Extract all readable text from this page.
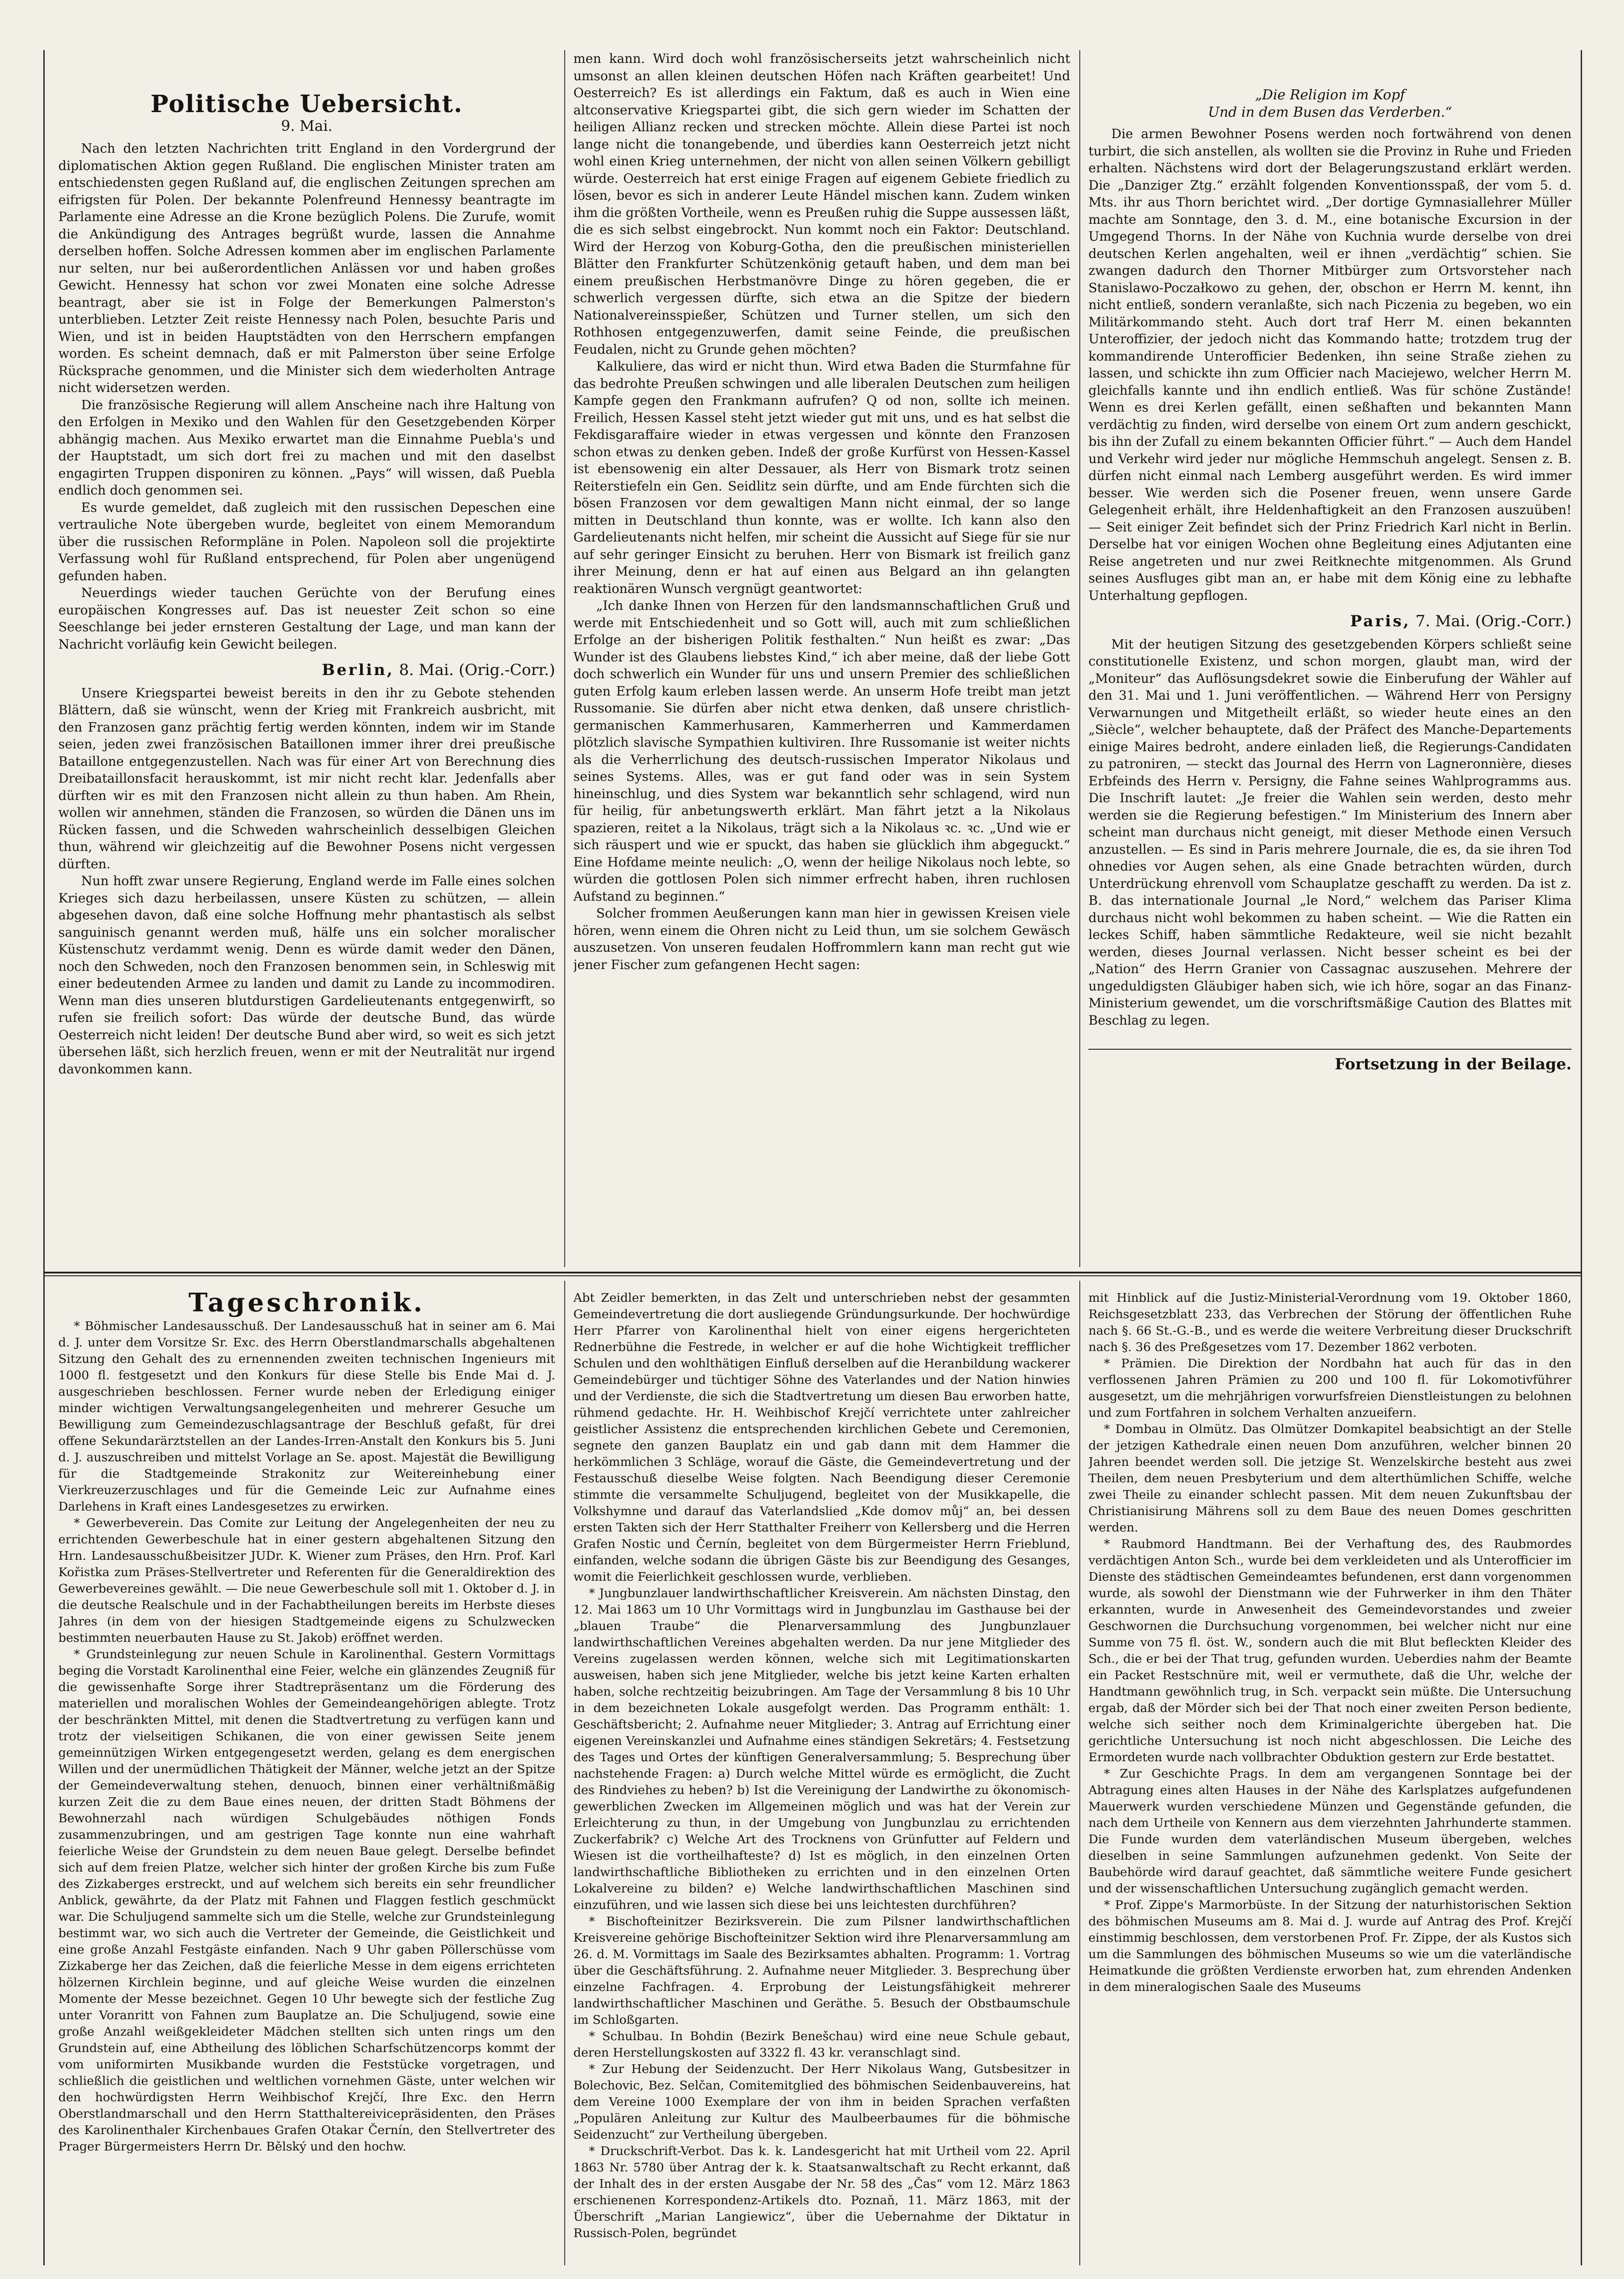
Politische Uebersicht.
9. Mai.

Nach den letzten Nachrichten tritt England in den Vordergrund der diplomatischen Aktion gegen Rußland. Die englischen Minister traten am entschiedensten gegen Rußland auf, die englischen Zeitungen sprechen am eifrigsten für Polen. Der bekannte Polenfreund Hennessy beantragte im Parlamente eine Adresse an die Krone bezüglich Polens. Die Zurufe, womit die Ankündigung des Antrages begrüßt wurde, lassen die Annahme derselben hoffen. Solche Adressen kommen aber im englischen Parlamente nur selten, nur bei außerordentlichen Anlässen vor und haben großes Gewicht. Hennessy hat schon vor zwei Monaten eine solche Adresse beantragt, aber sie ist in Folge der Bemerkungen Palmerston's unterblieben. Letzter Zeit reiste Hennessy nach Polen, besuchte Paris und Wien, und ist in beiden Hauptstädten von den Herrschern empfangen worden. Es scheint demnach, daß er mit Palmerston über seine Erfolge Rücksprache genommen, und die Minister sich dem wiederholten Antrage nicht widersetzen werden.

Die französische Regierung will allem Anscheine nach ihre Haltung von den Erfolgen in Mexiko und den Wahlen für den Gesetzgebenden Körper abhängig machen. Aus Mexiko erwartet man die Einnahme Puebla's und der Hauptstadt, um sich dort frei zu machen und mit den daselbst engagirten Truppen disponiren zu können. „Pays“ will wissen, daß Puebla endlich doch genommen sei.

Es wurde gemeldet, daß zugleich mit den russischen Depeschen eine vertrauliche Note übergeben wurde, begleitet von einem Memorandum über die russischen Reformpläne in Polen. Napoleon soll die projektirte Verfassung wohl für Rußland entsprechend, für Polen aber ungenügend gefunden haben.

Neuerdings wieder tauchen Gerüchte von der Berufung eines europäischen Kongresses auf. Das ist neuester Zeit schon so eine Seeschlange bei jeder ernsteren Gestaltung der Lage, und man kann der Nachricht vorläufig kein Gewicht beilegen.

Berlin, 8. Mai. (Orig.-Corr.)

Unsere Kriegspartei beweist bereits in den ihr zu Gebote stehenden Blättern, daß sie wünscht, wenn der Krieg mit Frankreich ausbricht, mit den Franzosen ganz prächtig fertig werden könnten, indem wir im Stande seien, jeden zwei französischen Bataillonen immer ihrer drei preußische Bataillone entgegenzustellen. Nach was für einer Art von Berechnung dies Dreibataillonsfacit herauskommt, ist mir nicht recht klar. Jedenfalls aber dürften wir es mit den Franzosen nicht allein zu thun haben. Am Rhein, wollen wir annehmen, ständen die Franzosen, so würden die Dänen uns im Rücken fassen, und die Schweden wahrscheinlich desselbigen Gleichen thun, während wir gleichzeitig auf die Bewohner Posens nicht vergessen dürften.

Nun hofft zwar unsere Regierung, England werde im Falle eines solchen Krieges sich dazu herbeilassen, unsere Küsten zu schützen, — allein abgesehen davon, daß eine solche Hoffnung mehr phantastisch als selbst sanguinisch genannt werden muß, hälfe uns ein solcher moralischer Küstenschutz verdammt wenig. Denn es würde damit weder den Dänen, noch den Schweden, noch den Franzosen benommen sein, in Schleswig mit einer bedeutenden Armee zu landen und damit zu Lande zu incommodiren. Wenn man dies unseren blutdurstigen Gardelieutenants entgegenwirft, so rufen sie freilich sofort: Das würde der deutsche Bund, das würde Oesterreich nicht leiden! Der deutsche Bund aber wird, so weit es sich jetzt übersehen läßt, sich herzlich freuen, wenn er mit der Neutralität nur irgend davonkommen kann.

men kann. Wird doch wohl französischerseits jetzt wahrscheinlich nicht umsonst an allen kleinen deutschen Höfen nach Kräften gearbeitet! Und Oesterreich? Es ist allerdings ein Faktum, daß es auch in Wien eine altconservative Kriegspartei gibt, die sich gern wieder im Schatten der heiligen Allianz recken und strecken möchte. Allein diese Partei ist noch lange nicht die tonangebende, und überdies kann Oesterreich jetzt nicht wohl einen Krieg unternehmen, der nicht von allen seinen Völkern gebilligt würde. Oesterreich hat erst einige Fragen auf eigenem Gebiete friedlich zu lösen, bevor es sich in anderer Leute Händel mischen kann. Zudem winken ihm die größten Vortheile, wenn es Preußen ruhig die Suppe aussessen läßt, die es sich selbst eingebrockt. Nun kommt noch ein Faktor: Deutschland. Wird der Herzog von Koburg-Gotha, den die preußischen ministeriellen Blätter den Frankfurter Schützenkönig getauft haben, und dem man bei einem preußischen Herbstmanövre Dinge zu hören gegeben, die er schwerlich vergessen dürfte, sich etwa an die Spitze der biedern Nationalvereinsspießer, Schützen und Turner stellen, um sich den Rothhosen entgegenzuwerfen, damit seine Feinde, die preußischen Feudalen, nicht zu Grunde gehen möchten?

Kalkuliere, das wird er nicht thun. Wird etwa Baden die Sturmfahne für das bedrohte Preußen schwingen und alle liberalen Deutschen zum heiligen Kampfe gegen den Frankmann aufrufen? Q od non, sollte ich meinen. Freilich, Hessen Kassel steht jetzt wieder gut mit uns, und es hat selbst die Fekdisgaraffaire wieder in etwas vergessen und könnte den Franzosen schon etwas zu denken geben. Indeß der große Kurfürst von Hessen-Kassel ist ebensowenig ein alter Dessauer, als Herr von Bismark trotz seinen Reiterstiefeln ein Gen. Seidlitz sein dürfte, und am Ende fürchten sich die bösen Franzosen vor dem gewaltigen Mann nicht einmal, der so lange mitten in Deutschland thun konnte, was er wollte. Ich kann also den Gardelieutenants nicht helfen, mir scheint die Aussicht auf Siege für sie nur auf sehr geringer Einsicht zu beruhen. Herr von Bismark ist freilich ganz ihrer Meinung, denn er hat auf einen aus Belgard an ihn gelangten reaktionären Wunsch vergnügt geantwortet:

„Ich danke Ihnen von Herzen für den landsmannschaftlichen Gruß und werde mit Entschiedenheit und so Gott will, auch mit zum schließlichen Erfolge an der bisherigen Politik festhalten.“ Nun heißt es zwar: „Das Wunder ist des Glaubens liebstes Kind,“ ich aber meine, daß der liebe Gott doch schwerlich ein Wunder für uns und unsern Premier des schließlichen guten Erfolg kaum erleben lassen werde. An unserm Hofe treibt man jetzt Russomanie. Sie dürfen aber nicht etwa denken, daß unsere christlich-germanischen Kammerhusaren, Kammerherren und Kammerdamen plötzlich slavische Sympathien kultiviren. Ihre Russomanie ist weiter nichts als die Verherrlichung des deutsch-russischen Imperator Nikolaus und seines Systems. Alles, was er gut fand oder was in sein System hineinschlug, und dies System war bekanntlich sehr schlagend, wird nun für heilig, für anbetungswerth erklärt. Man fährt jetzt a la Nikolaus spazieren, reitet a la Nikolaus, trägt sich a la Nikolaus ꝛc. ꝛc. „Und wie er sich räuspert und wie er spuckt, das haben sie glücklich ihm abgeguckt.“ Eine Hofdame meinte neulich: „O, wenn der heilige Nikolaus noch lebte, so würden die gottlosen Polen sich nimmer erfrecht haben, ihren ruchlosen Aufstand zu beginnen.“

Solcher frommen Aeußerungen kann man hier in gewissen Kreisen viele hören, wenn einem die Ohren nicht zu Leid thun, um sie solchem Gewäsch auszusetzen. Von unseren feudalen Hoffrommlern kann man recht gut wie jener Fischer zum gefangenen Hecht sagen:

„Die Religion im Kopf
Und in dem Busen das Verderben.“

Die armen Bewohner Posens werden noch fortwährend von denen turbirt, die sich anstellen, als wollten sie die Provinz in Ruhe und Frieden erhalten. Nächstens wird dort der Belagerungszustand erklärt werden. Die „Danziger Ztg.“ erzählt folgenden Konventionsspaß, der vom 5. d. Mts. ihr aus Thorn berichtet wird. „Der dortige Gymnasiallehrer Müller machte am Sonntage, den 3. d. M., eine botanische Excursion in der Umgegend Thorns. In der Nähe von Kuchnia wurde derselbe von drei deutschen Kerlen angehalten, weil er ihnen „verdächtig“ schien. Sie zwangen dadurch den Thorner Mitbürger zum Ortsvorsteher nach Stanislawo-Poczałkowo zu gehen, der, obschon er Herrn M. kennt, ihn nicht entließ, sondern veranlaßte, sich nach Piczenia zu begeben, wo ein Militärkommando steht. Auch dort traf Herr M. einen bekannten Unteroffizier, der jedoch nicht das Kommando hatte; trotzdem trug der kommandirende Unterofficier Bedenken, ihn seine Straße ziehen zu lassen, und schickte ihn zum Officier nach Maciejewo, welcher Herrn M. gleichfalls kannte und ihn endlich entließ. Was für schöne Zustände! Wenn es drei Kerlen gefällt, einen seßhaften und bekannten Mann verdächtig zu finden, wird derselbe von einem Ort zum andern geschickt, bis ihn der Zufall zu einem bekannten Officier führt.“ — Auch dem Handel und Verkehr wird jeder nur mögliche Hemmschuh angelegt. Sensen z. B. dürfen nicht einmal nach Lemberg ausgeführt werden. Es wird immer besser. Wie werden sich die Posener freuen, wenn unsere Garde Gelegenheit erhält, ihre Heldenhaftigkeit an den Franzosen auszuüben! — Seit einiger Zeit befindet sich der Prinz Friedrich Karl nicht in Berlin. Derselbe hat vor einigen Wochen ohne Begleitung eines Adjutanten eine Reise angetreten und nur zwei Reitknechte mitgenommen. Als Grund seines Ausfluges gibt man an, er habe mit dem König eine zu lebhafte Unterhaltung gepflogen.

Paris, 7. Mai. (Orig.-Corr.)

Mit der heutigen Sitzung des gesetzgebenden Körpers schließt seine constitutionelle Existenz, und schon morgen, glaubt man, wird der „Moniteur“ das Auflösungsdekret sowie die Einberufung der Wähler auf den 31. Mai und 1. Juni veröffentlichen. — Während Herr von Persigny Verwarnungen und Mitgetheilt erläßt, so wieder heute eines an den „Siècle“, welcher behauptete, daß der Präfect des Manche-Departements einige Maires bedroht, andere einladen ließ, die Regierungs-Candidaten zu patroniren, — steckt das Journal des Herrn von Lagneronnière, dieses Erbfeinds des Herrn v. Persigny, die Fahne seines Wahlprogramms aus. Die Inschrift lautet: „Je freier die Wahlen sein werden, desto mehr werden sie die Regierung befestigen.“ Im Ministerium des Innern aber scheint man durchaus nicht geneigt, mit dieser Methode einen Versuch anzustellen. — Es sind in Paris mehrere Journale, die es, da sie ihren Tod ohnedies vor Augen sehen, als eine Gnade betrachten würden, durch Unterdrückung ehrenvoll vom Schauplatze geschafft zu werden. Da ist z. B. das internationale Journal „le Nord,“ welchem das Pariser Klima durchaus nicht wohl bekommen zu haben scheint. — Wie die Ratten ein leckes Schiff, haben sämmtliche Redakteure, weil sie nicht bezahlt werden, dieses Journal verlassen. Nicht besser scheint es bei der „Nation“ des Herrn Granier von Cassagnac auszusehen. Mehrere der ungeduldigsten Gläubiger haben sich, wie ich höre, sogar an das Finanz-Ministerium gewendet, um die vorschriftsmäßige Caution des Blattes mit Beschlag zu legen.

Fortsetzung in der Beilage.
Tageschronik.

* Böhmischer Landesausschuß. Der Landesausschuß hat in seiner am 6. Mai d. J. unter dem Vorsitze Sr. Exc. des Herrn Oberstlandmarschalls abgehaltenen Sitzung den Gehalt des zu ernennenden zweiten technischen Ingenieurs mit 1000 fl. festgesetzt und den Konkurs für diese Stelle bis Ende Mai d. J. ausgeschrieben beschlossen. Ferner wurde neben der Erledigung einiger minder wichtigen Verwaltungsangelegenheiten und mehrerer Gesuche um Bewilligung zum Gemeindezuschlagsantrage der Beschluß gefaßt, für drei offene Sekundarärztstellen an der Landes-Irren-Anstalt den Konkurs bis 5. Juni d. J. auszuschreiben und mittelst Vorlage an Se. apost. Majestät die Bewilligung für die Stadtgemeinde Strakonitz zur Weitereinhebung einer Vierkreuzerzuschlages und für die Gemeinde Leic zur Aufnahme eines Darlehens in Kraft eines Landesgesetzes zu erwirken.

* Gewerbeverein. Das Comite zur Leitung der Angelegenheiten der neu zu errichtenden Gewerbeschule hat in einer gestern abgehaltenen Sitzung den Hrn. Landesausschußbeisitzer JUDr. K. Wiener zum Präses, den Hrn. Prof. Karl Kořistka zum Präses-Stellvertreter und Referenten für die Generaldirektion des Gewerbevereines gewählt. — Die neue Gewerbeschule soll mit 1. Oktober d. J. in die deutsche Realschule und in der Fachabtheilungen bereits im Herbste dieses Jahres (in dem von der hiesigen Stadtgemeinde eigens zu Schulzwecken bestimmten neuerbauten Hause zu St. Jakob) eröffnet werden.

* Grundsteinlegung zur neuen Schule in Karolinenthal. Gestern Vormittags beging die Vorstadt Karolinenthal eine Feier, welche ein glänzendes Zeugniß für die gewissenhafte Sorge ihrer Stadtrepräsentanz um die Förderung des materiellen und moralischen Wohles der Gemeindeangehörigen ablegte. Trotz der beschränkten Mittel, mit denen die Stadtvertretung zu verfügen kann und trotz der vielseitigen Schikanen, die von einer gewissen Seite jenem gemeinnützigen Wirken entgegengesetzt werden, gelang es dem energischen Willen und der unermüdlichen Thätigkeit der Männer, welche jetzt an der Spitze der Gemeindeverwaltung stehen, denuoch, binnen einer verhältnißmäßig kurzen Zeit die zu dem Baue eines neuen, der dritten Stadt Böhmens der Bewohnerzahl nach würdigen Schulgebäudes nöthigen Fonds zusammenzubringen, und am gestrigen Tage konnte nun eine wahrhaft feierliche Weise der Grundstein zu dem neuen Baue gelegt. Derselbe befindet sich auf dem freien Platze, welcher sich hinter der großen Kirche bis zum Fuße des Zizkaberges erstreckt, und auf welchem sich bereits ein sehr freundlicher Anblick, gewährte, da der Platz mit Fahnen und Flaggen festlich geschmückt war. Die Schuljugend sammelte sich um die Stelle, welche zur Grundsteinlegung bestimmt war, wo sich auch die Vertreter der Gemeinde, die Geistlichkeit und eine große Anzahl Festgäste einfanden. Nach 9 Uhr gaben Pöllerschüsse vom Zizkaberge her das Zeichen, daß die feierliche Messe in dem eigens errichteten hölzernen Kirchlein beginne, und auf gleiche Weise wurden die einzelnen Momente der Messe bezeichnet. Gegen 10 Uhr bewegte sich der festliche Zug unter Voranritt von Fahnen zum Bauplatze an. Die Schuljugend, sowie eine große Anzahl weißgekleideter Mädchen stellten sich unten rings um den Grundstein auf, eine Abtheilung des löblichen Scharfschützencorps kommt der vom uniformirten Musikbande wurden die Feststücke vorgetragen, und schließlich die geistlichen und weltlichen vornehmen Gäste, unter welchen wir den hochwürdigsten Herrn Weihbischof Krejčí, Ihre Exc. den Herrn Oberstlandmarschall und den Herrn Statthaltereivicepräsidenten, den Präses des Karolinenthaler Kirchenbaues Grafen Otakar Černín, den Stellvertreter des Prager Bürgermeisters Herrn Dr. Bělský und den hochw.

Abt Zeidler bemerkten, in das Zelt und unterschrieben nebst der gesammten Gemeindevertretung die dort ausliegende Gründungsurkunde. Der hochwürdige Herr Pfarrer von Karolinenthal hielt von einer eigens hergerichteten Rednerbühne die Festrede, in welcher er auf die hohe Wichtigkeit trefflicher Schulen und den wohlthätigen Einfluß derselben auf die Heranbildung wackerer Gemeindebürger und tüchtiger Söhne des Vaterlandes und der Nation hinwies und der Verdienste, die sich die Stadtvertretung um diesen Bau erworben hatte, rühmend gedachte. Hr. H. Weihbischof Krejčí verrichtete unter zahlreicher geistlicher Assistenz die entsprechenden kirchlichen Gebete und Ceremonien, segnete den ganzen Bauplatz ein und gab dann mit dem Hammer die herkömmlichen 3 Schläge, worauf die Gäste, die Gemeindevertretung und der Festausschuß dieselbe Weise folgten. Nach Beendigung dieser Ceremonie stimmte die versammelte Schuljugend, begleitet von der Musikkapelle, die Volkshymne und darauf das Vaterlandslied „Kde domov můj“ an, bei dessen ersten Takten sich der Herr Statthalter Freiherr von Kellersberg und die Herren Grafen Nostic und Černín, begleitet von dem Bürgermeister Herrn Frieblund, einfanden, welche sodann die übrigen Gäste bis zur Beendigung des Gesanges, womit die Feierlichkeit geschlossen wurde, verblieben.

* Jungbunzlauer landwirthschaftlicher Kreisverein. Am nächsten Dinstag, den 12. Mai 1863 um 10 Uhr Vormittags wird in Jungbunzlau im Gasthause bei der „blauen Traube“ die Plenarversammlung des Jungbunzlauer landwirthschaftlichen Vereines abgehalten werden. Da nur jene Mitglieder des Vereins zugelassen werden können, welche sich mit Legitimationskarten ausweisen, haben sich jene Mitglieder, welche bis jetzt keine Karten erhalten haben, solche rechtzeitig beizubringen. Am Tage der Versammlung 8 bis 10 Uhr in dem bezeichneten Lokale ausgefolgt werden. Das Programm enthält: 1. Geschäftsbericht; 2. Aufnahme neuer Mitglieder; 3. Antrag auf Errichtung einer eigenen Vereinskanzlei und Aufnahme eines ständigen Sekretärs; 4. Festsetzung des Tages und Ortes der künftigen Generalversammlung; 5. Besprechung über nachstehende Fragen: a) Durch welche Mittel würde es ermöglicht, die Zucht des Rindviehes zu heben? b) Ist die Vereinigung der Landwirthe zu ökonomisch-gewerblichen Zwecken im Allgemeinen möglich und was hat der Verein zur Erleichterung zu thun, in der Umgebung von Jungbunzlau zu errichtenden Zuckerfabrik? c) Welche Art des Trocknens von Grünfutter auf Feldern und Wiesen ist die vortheilhafteste? d) Ist es möglich, in den einzelnen Orten landwirthschaftliche Bibliotheken zu errichten und in den einzelnen Orten Lokalvereine zu bilden? e) Welche landwirthschaftlichen Maschinen sind einzuführen, und wie lassen sich diese bei uns leichtesten durchführen?

* Bischofteinitzer Bezirksverein. Die zum Pilsner landwirthschaftlichen Kreisvereine gehörige Bischofteinitzer Sektion wird ihre Plenarversammlung am 26. d. M. Vormittags im Saale des Bezirksamtes abhalten. Programm: 1. Vortrag über die Geschäftsführung. 2. Aufnahme neuer Mitglieder. 3. Besprechung über einzelne Fachfragen. 4. Erprobung der Leistungsfähigkeit mehrerer landwirthschaftlicher Maschinen und Geräthe. 5. Besuch der Obstbaumschule im Schloßgarten.

* Schulbau. In Bohdin (Bezirk Benešchau) wird eine neue Schule gebaut, deren Herstellungskosten auf 3322 fl. 43 kr. veranschlagt sind.

* Zur Hebung der Seidenzucht. Der Herr Nikolaus Wang, Gutsbesitzer in Bolechovic, Bez. Selčan, Comitemitglied des böhmischen Seidenbauvereins, hat dem Vereine 1000 Exemplare der von ihm in beiden Sprachen verfaßten „Populären Anleitung zur Kultur des Maulbeerbaumes für die böhmische Seidenzucht“ zur Vertheilung übergeben.

* Druckschrift-Verbot. Das k. k. Landesgericht hat mit Urtheil vom 22. April 1863 Nr. 5780 über Antrag der k. k. Staatsanwaltschaft zu Recht erkannt, daß der Inhalt des in der ersten Ausgabe der Nr. 58 des „Čas“ vom 12. März 1863 erschienenen Korrespondenz-Artikels dto. Poznaň, 11. März 1863, mit der Überschrift „Marian Langiewicz“, über die Uebernahme der Diktatur in Russisch-Polen, begründet

mit Hinblick auf die Justiz-Ministerial-Verordnung vom 19. Oktober 1860, Reichsgesetzblatt 233, das Verbrechen der Störung der öffentlichen Ruhe nach §. 66 St.-G.-B., und es werde die weitere Verbreitung dieser Druckschrift nach §. 36 des Preßgesetzes vom 17. Dezember 1862 verboten.

* Prämien. Die Direktion der Nordbahn hat auch für das in den verflossenen Jahren Prämien zu 200 und 100 fl. für Lokomotivführer ausgesetzt, um die mehrjährigen vorwurfsfreien Dienstleistungen zu belohnen und zum Fortfahren in solchem Verhalten anzueifern.

* Dombau in Olmütz. Das Olmützer Domkapitel beabsichtigt an der Stelle der jetzigen Kathedrale einen neuen Dom anzuführen, welcher binnen 20 Jahren beendet werden soll. Die jetzige St. Wenzelskirche besteht aus zwei Theilen, dem neuen Presbyterium und dem alterthümlichen Schiffe, welche zwei Theile zu einander schlecht passen. Mit dem neuen Zukunftsbau der Christianisirung Mährens soll zu dem Baue des neuen Domes geschritten werden.

* Raubmord Handtmann. Bei der Verhaftung des, des Raubmordes verdächtigen Anton Sch., wurde bei dem verkleideten und als Unterofficier im Dienste des städtischen Gemeindeamtes befundenen, erst dann vorgenommen wurde, als sowohl der Dienstmann wie der Fuhrwerker in ihm den Thäter erkannten, wurde in Anwesenheit des Gemeindevorstandes und zweier Geschwornen die Durchsuchung vorgenommen, bei welcher nicht nur eine Summe von 75 fl. öst. W., sondern auch die mit Blut befleckten Kleider des Sch., die er bei der That trug, gefunden wurden. Ueberdies nahm der Beamte ein Packet Restschnüre mit, weil er vermuthete, daß die Uhr, welche der Handtmann gewöhnlich trug, in Sch. verpackt sein müßte. Die Untersuchung ergab, daß der Mörder sich bei der That noch einer zweiten Person bediente, welche sich seither noch dem Kriminalgerichte übergeben hat. Die gerichtliche Untersuchung ist noch nicht abgeschlossen. Die Leiche des Ermordeten wurde nach vollbrachter Obduktion gestern zur Erde bestattet.

* Zur Geschichte Prags. In dem am vergangenen Sonntage bei der Abtragung eines alten Hauses in der Nähe des Karlsplatzes aufgefundenen Mauerwerk wurden verschiedene Münzen und Gegenstände gefunden, die nach dem Urtheile von Kennern aus dem vierzehnten Jahrhunderte stammen. Die Funde wurden dem vaterländischen Museum übergeben, welches dieselben in seine Sammlungen aufzunehmen gedenkt. Von Seite der Baubehörde wird darauf geachtet, daß sämmtliche weitere Funde gesichert und der wissenschaftlichen Untersuchung zugänglich gemacht werden.

* Prof. Zippe's Marmorbüste. In der Sitzung der naturhistorischen Sektion des böhmischen Museums am 8. Mai d. J. wurde auf Antrag des Prof. Krejčí einstimmig beschlossen, dem verstorbenen Prof. Fr. Zippe, der als Kustos sich um die Sammlungen des böhmischen Museums so wie um die vaterländische Heimatkunde die größten Verdienste erworben hat, zum ehrenden Andenken in dem mineralogischen Saale des Museums
